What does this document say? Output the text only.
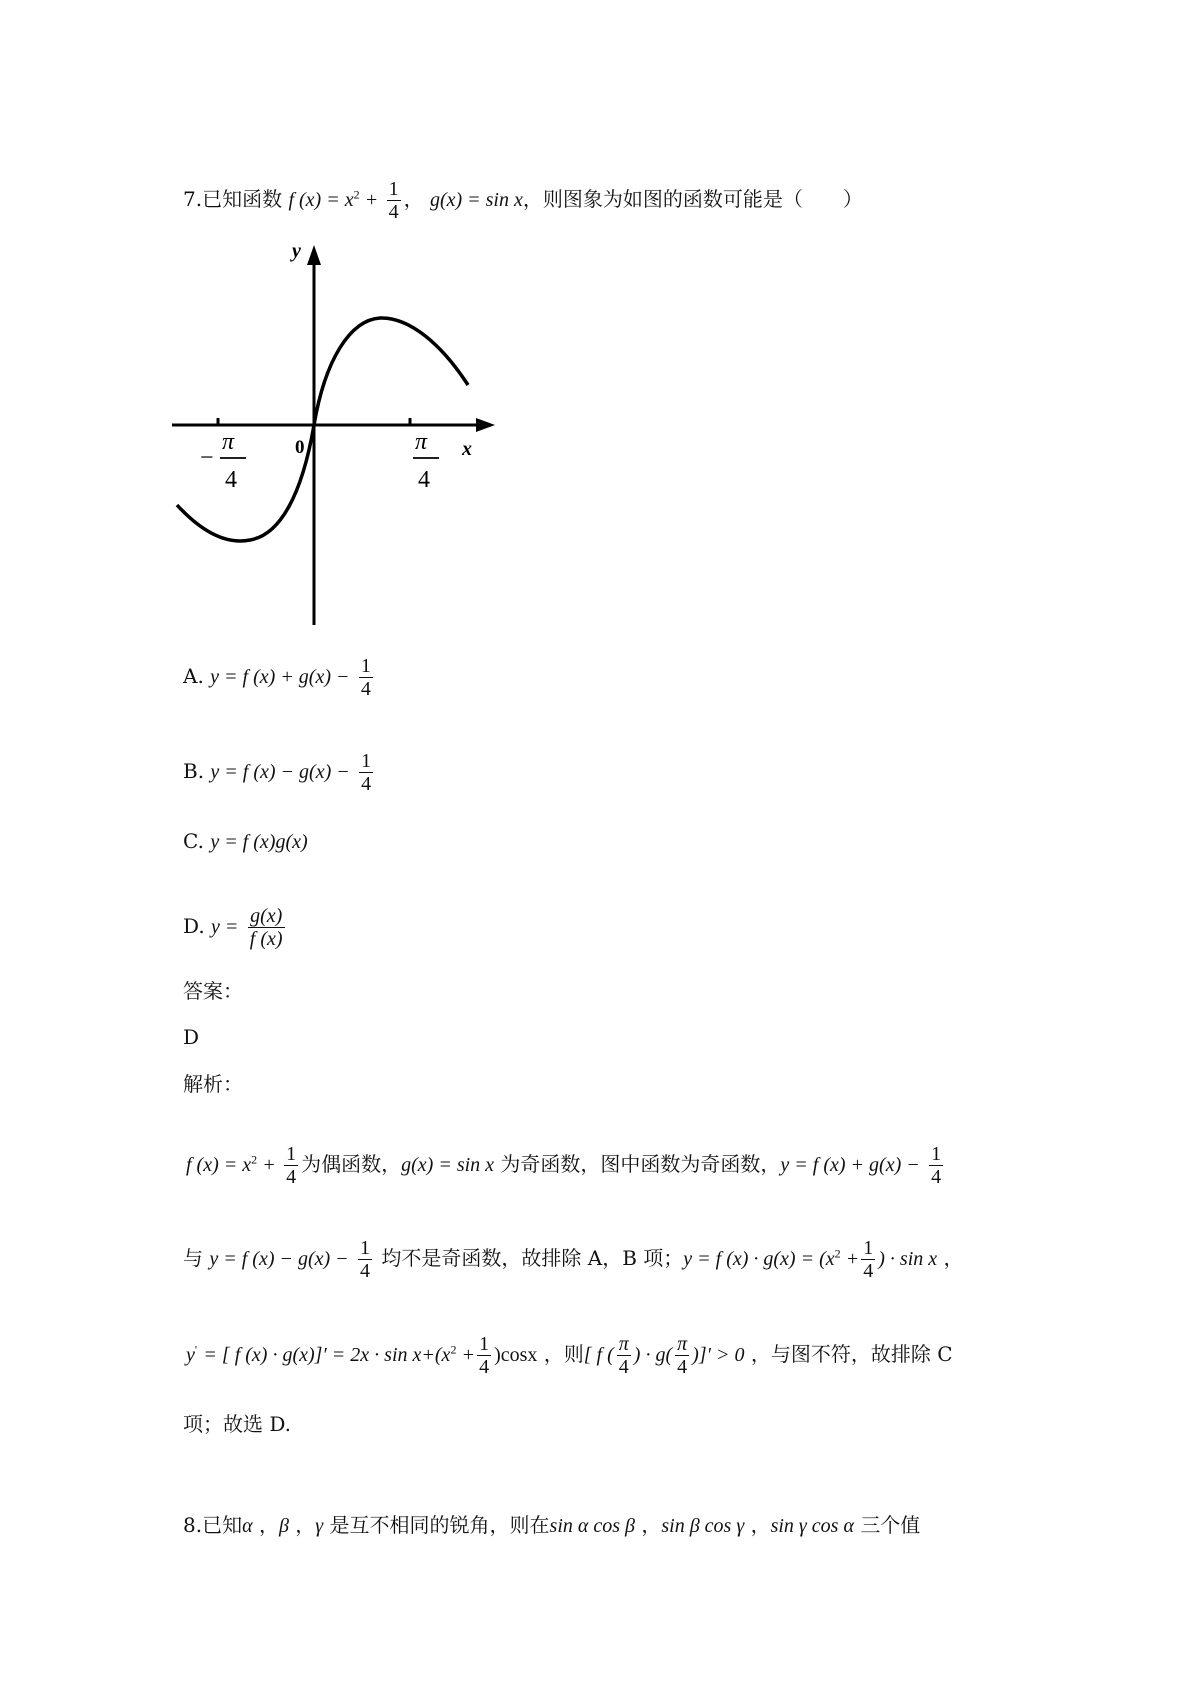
7.已知函数 f $(x) = x^2 + \frac{1}{4}$ ， g(x) = sin x，则图象为如图的函数可能是（　　）
y
x
0
−
π
4
π
4
A. y = f $(x) + g(x) - \frac{1}{4}$
B. y = f $(x) - g(x) - \frac{1}{4}$
C. y = f (x)g(x)
D. $y = \frac{g(x)}{f (x)}$
答案：
D
解析：
f $(x) = x^2 + \frac{1}{4}$ 为偶函数，g(x) = sin x 为奇函数，图中函数为奇函数，y = f $(x) + g(x) - \frac{1}{4}$
与 y = f $(x) - g(x) - \frac{1}{4}$ 均不是奇函数，故排除 A，B 项；y = f $(x) \cdot g(x) = (x^2 + \frac{1}{4}$ ) · sin x ，
y' = [ f $(x) \cdot g(x)]' = 2x \cdot \sin x+(x^2 + \frac{1}{4} )\cos x$ ，则[ f ( $\frac{\pi}{4}$ ) · $g( \frac{\pi}{4}$ )]′ > 0 ，与图不符，故排除 C
项；故选 D.
8.已知α ，β ，γ 是互不相同的锐角，则在sin α cos β ，sin β cos γ ，sin γ cos α 三个值
